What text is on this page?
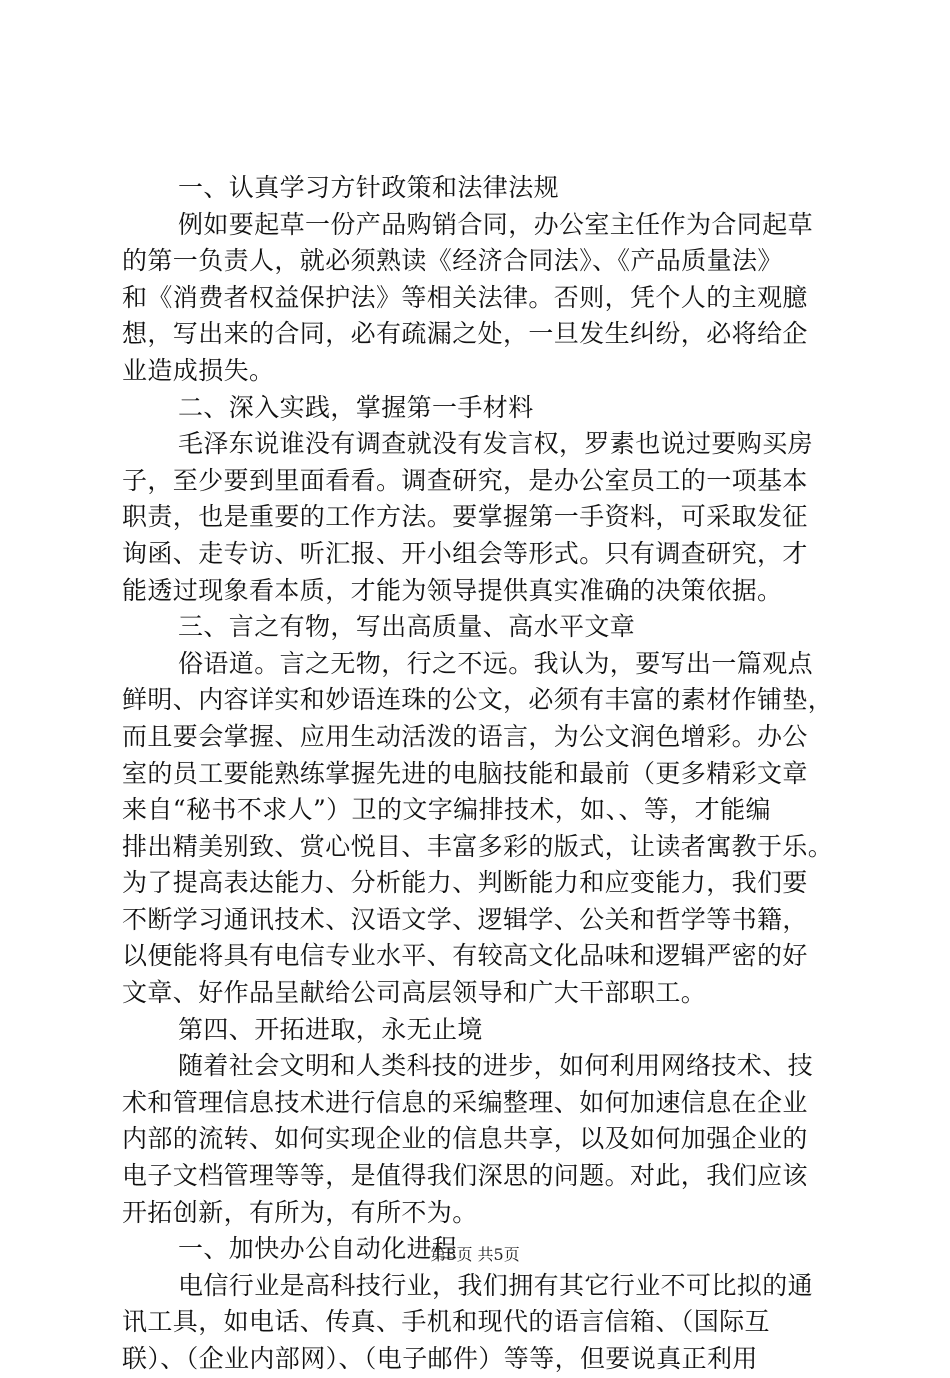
一、认真学习方针政策和法律法规
例如要起草一份产品购销合同，办公室主任作为合同起草
的第一负责人，就必须熟读《经济合同法》、《产品质量法》
和《消费者权益保护法》等相关法律。否则，凭个人的主观臆
想，写出来的合同，必有疏漏之处，一旦发生纠纷，必将给企
业造成损失。
二、深入实践，掌握第一手材料
毛泽东说谁没有调查就没有发言权，罗素也说过要购买房
子，至少要到里面看看。调查研究，是办公室员工的一项基本
职责，也是重要的工作方法。要掌握第一手资料，可采取发征
询函、走专访、听汇报、开小组会等形式。只有调查研究，才
能透过现象看本质，才能为领导提供真实准确的决策依据。
三、言之有物，写出高质量、高水平文章
俗语道。言之无物，行之不远。我认为，要写出一篇观点
鲜明、内容详实和妙语连珠的公文，必须有丰富的素材作铺垫，
而且要会掌握、应用生动活泼的语言，为公文润色增彩。办公
室的员工要能熟练掌握先进的电脑技能和最前（更多精彩文章
来自“秘书不求人”）卫的文字编排技术，如、、等，才能编
排出精美别致、赏心悦目、丰富多彩的版式，让读者寓教于乐。
为了提高表达能力、分析能力、判断能力和应变能力，我们要
不断学习通讯技术、汉语文学、逻辑学、公关和哲学等书籍，
以便能将具有电信专业水平、有较高文化品味和逻辑严密的好
文章、好作品呈献给公司高层领导和广大干部职工。
第四、开拓进取，永无止境
随着社会文明和人类科技的进步，如何利用网络技术、技
术和管理信息技术进行信息的采编整理、如何加速信息在企业
内部的流转、如何实现企业的信息共享，以及如何加强企业的
电子文档管理等等，是值得我们深思的问题。对此，我们应该
开拓创新，有所为，有所不为。
一、加快办公自动化进程
电信行业是高科技行业，我们拥有其它行业不可比拟的通
讯工具，如电话、传真、手机和现代的语言信箱、（国际互
联）、（企业内部网）、（电子邮件）等等，但要说真正利用
第3页 共5页
